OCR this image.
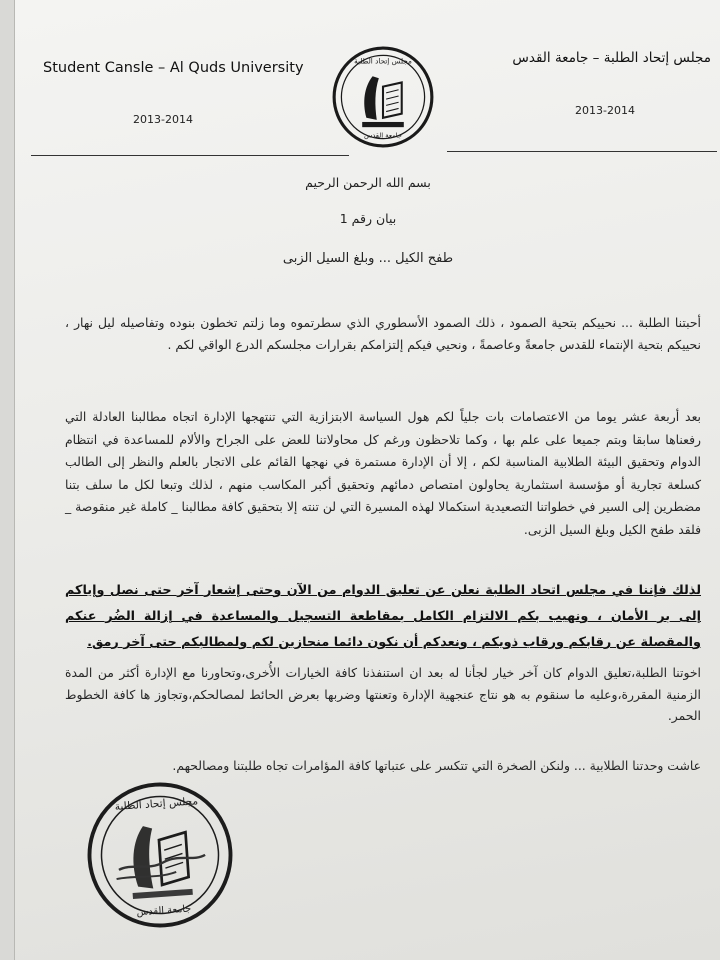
Student Cansle – Al Quds University
مجلس إتحاد الطلبة – جامعة القدس
2013-2014
2013-2014
مجلس إتحاد الطلبة
جامعة القدس
بسم الله الرحمن الرحيم
بيان رقم 1
طفح الكيل ... وبلغ السيل الزبى

أحبتنا الطلبة ... نحييكم بتحية الصمود ، ذلك الصمود الأسطوري الذي سطرتموه وما زلتم تخطون بنوده وتفاصيله ليل نهار ، نحييكم بتحية الإنتماء للقدس جامعةً وعاصمةً ، ونحيي فيكم إلتزامكم بقرارات مجلسكم الدرع الواقي لكم .

بعد أربعة عشر يوما من الاعتصامات بات جلياً لكم هول السياسة الابتزازية التي تنتهجها الإدارة اتجاه مطالبنا العادلة التي رفعناها سابقا وبتم جميعا على علم بها ، وكما تلاحظون ورغم كل محاولاتنا للعض على الجراح والألام للمساعدة في انتظام الدوام وتحقيق البيئة الطلابية المناسبة لكم ، إلا أن الإدارة مستمرة في نهجها القائم على الاتجار بالعلم والنظر إلى الطالب كسلعة تجارية أو مؤسسة استثمارية يحاولون امتصاص دمائهم وتحقيق أكبر المكاسب منهم ، لذلك وتبعا لكل ما سلف بتنا مضطرين إلى السير في خطواتنا التصعيدية استكمالا لهذه المسيرة التي لن تنته إلا بتحقيق كافة مطالبنا _ كاملة غير منقوصة _ فلقد طفح الكيل وبلغ السيل الزبى.

لذلك فإننا في مجلس اتحاد الطلبة نعلن عن تعليق الدوام من الآن وحتى إشعار آخر حتى نصل وإياكم إلى بر الأمان ، ونهيب بكم الالتزام الكامل بمقاطعة التسجيل والمساعدة في إزالة الضُر عنكم والمقصلة عن رقابكم ورقاب ذويكم ، ونعدكم أن نكون دائما منحازين لكم ولمطالبكم حتى آخر رمق.

اخوتنا الطلبة،تعليق الدوام كان آخر خيار لجأنا له بعد ان استنفذنا كافة الخيارات الأُخرى،وتحاورنا مع الإدارة أكثر من المدة الزمنية المقررة،وعليه ما سنقوم به هو نتاج عنجهية الإدارة وتعنتها وضربها بعرض الحائط لمصالحكم،وتجاوز ها كافة الخطوط الحمر.

عاشت وحدتنا الطلابية ... ولنكن الصخرة التي تتكسر على عتباتها كافة المؤامرات تجاه طلبتنا ومصالحهم.

مجلس إتحاد الطلبة
جامعة القدس
